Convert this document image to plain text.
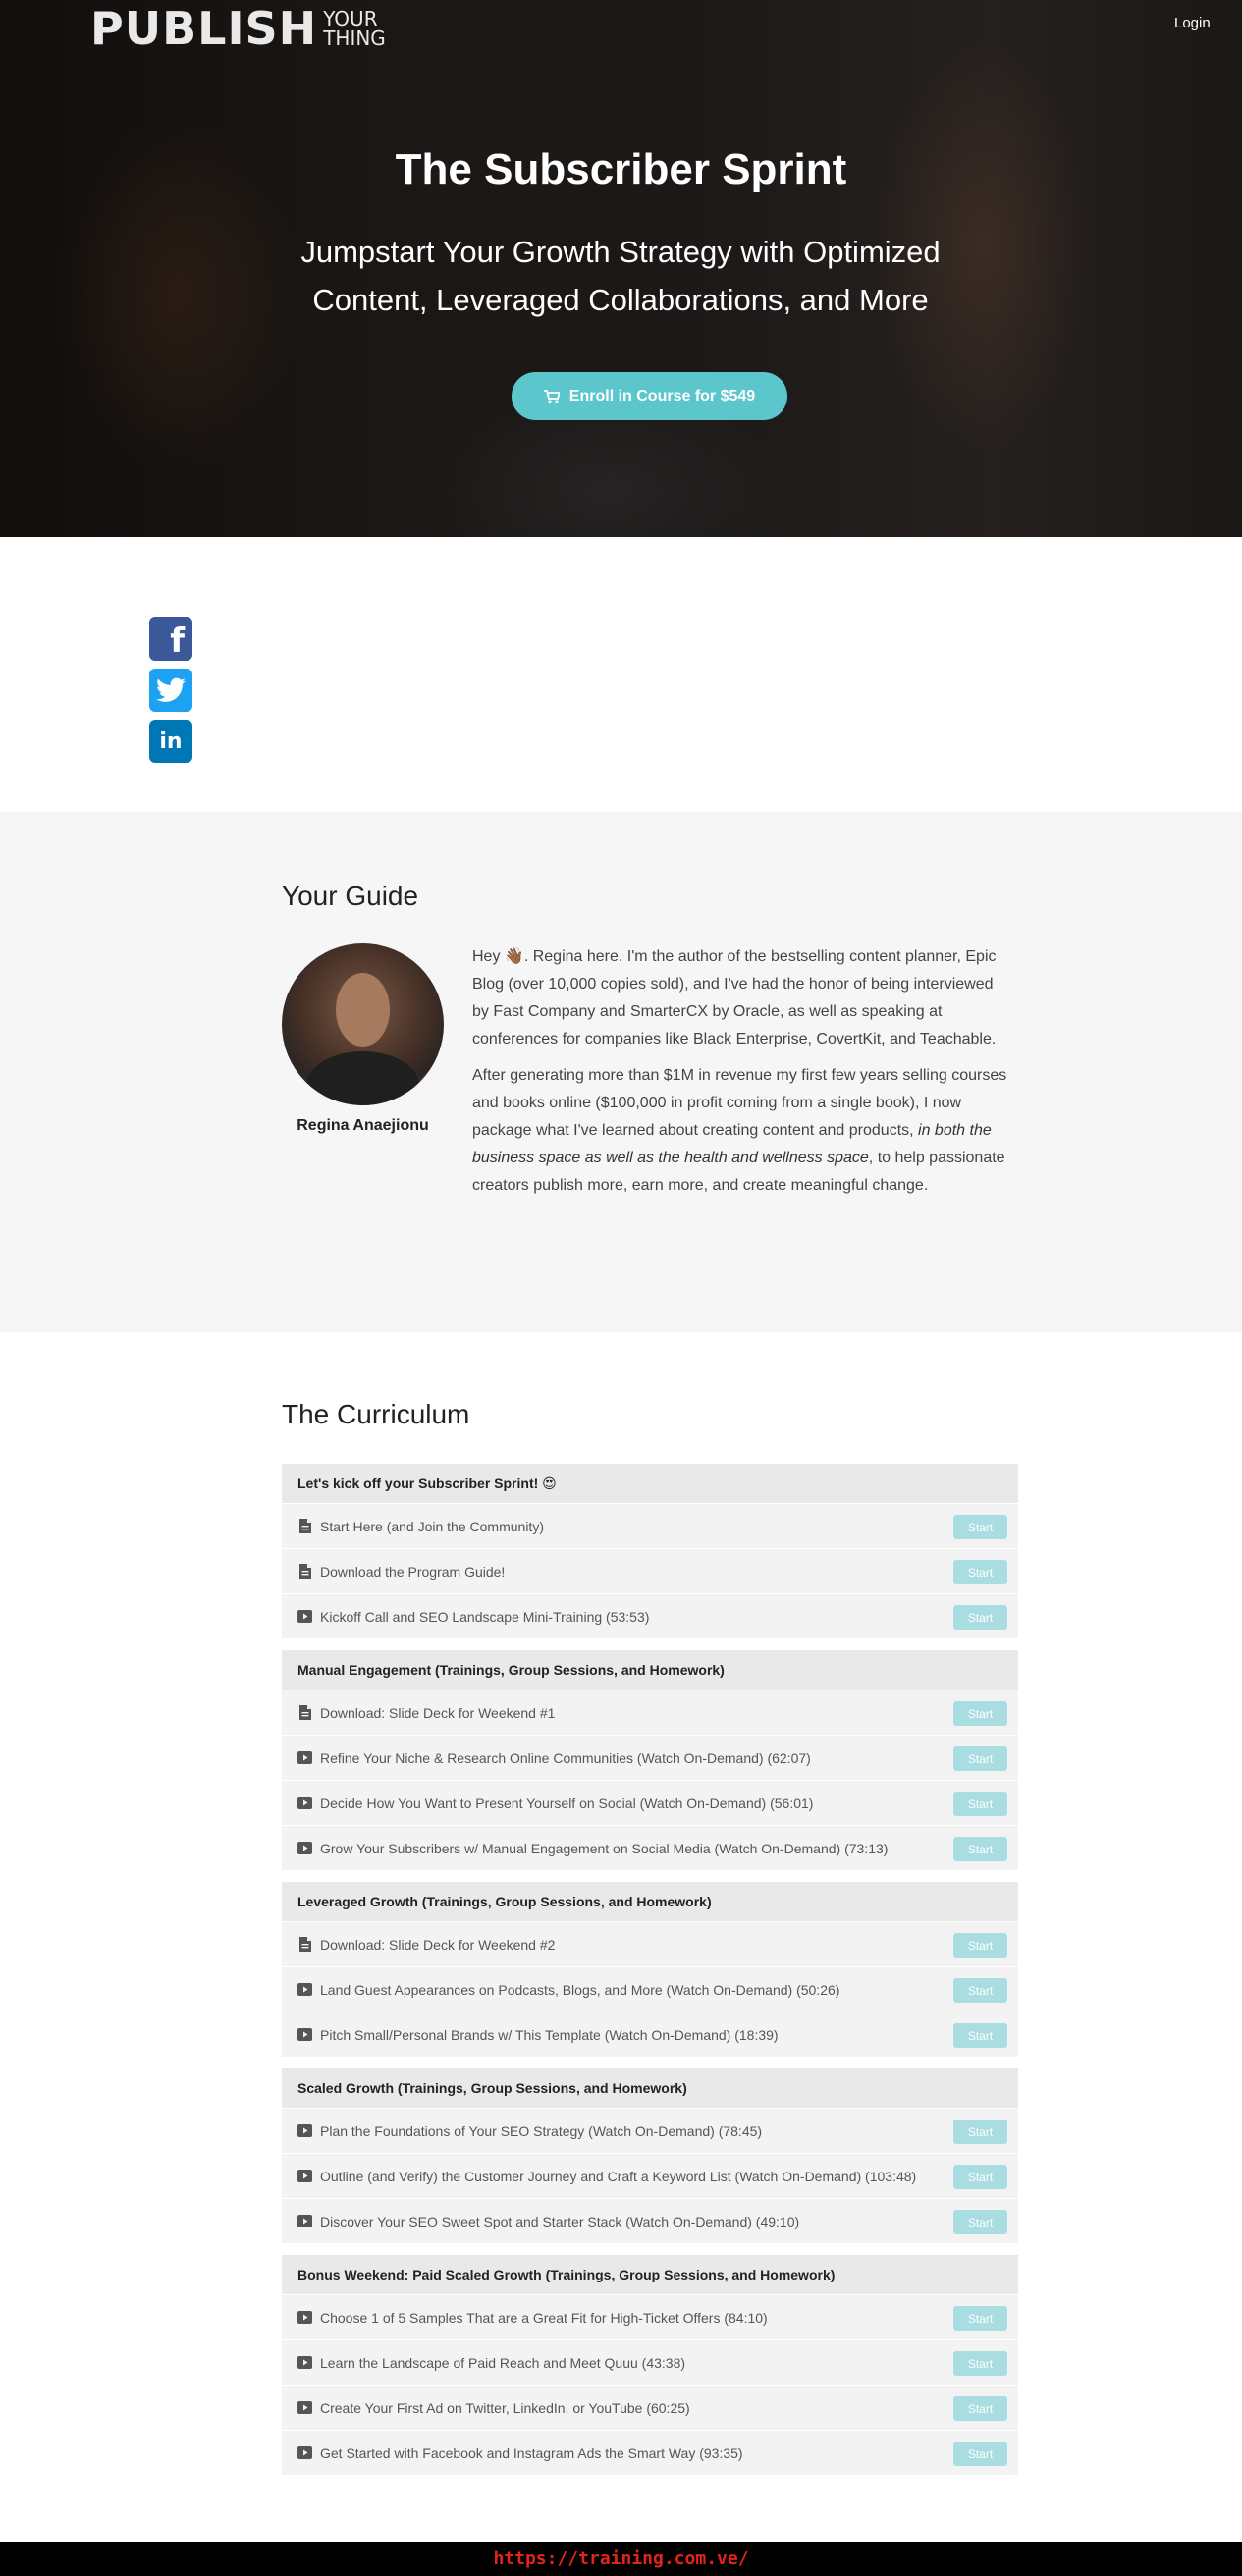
PUBLISH YOUR
THING
Login
The Subscriber Sprint

Jumpstart Your Growth Strategy with Optimized Content, Leveraged Collaborations, and More

Enroll in Course for $549
f
in
Your Guide
Regina Anaejionu

Hey 👋🏾. Regina here. I'm the author of the bestselling content planner, Epic Blog (over 10,000 copies sold), and I've had the honor of being interviewed by Fast Company and SmarterCX by Oracle, as well as speaking at conferences for companies like Black Enterprise, CovertKit, and Teachable.

After generating more than $1M in revenue my first few years selling courses and books online ($100,000 in profit coming from a single book), I now package what I've learned about creating content and products, in both the business space as well as the health and wellness space, to help passionate creators publish more, earn more, and create meaningful change.

The Curriculum
Let's kick off your Subscriber Sprint! 😍
Start Here (and Join the Community)	Start
Download the Program Guide!	Start
Kickoff Call and SEO Landscape Mini-Training (53:53)	Start
Manual Engagement (Trainings, Group Sessions, and Homework)
Download: Slide Deck for Weekend #1	Start
Refine Your Niche & Research Online Communities (Watch On-Demand) (62:07)	Start
Decide How You Want to Present Yourself on Social (Watch On-Demand) (56:01)	Start
Grow Your Subscribers w/ Manual Engagement on Social Media (Watch On-Demand) (73:13)	Start
Leveraged Growth (Trainings, Group Sessions, and Homework)
Download: Slide Deck for Weekend #2	Start
Land Guest Appearances on Podcasts, Blogs, and More (Watch On-Demand) (50:26)	Start
Pitch Small/Personal Brands w/ This Template (Watch On-Demand) (18:39)	Start
Scaled Growth (Trainings, Group Sessions, and Homework)
Plan the Foundations of Your SEO Strategy (Watch On-Demand) (78:45)	Start
Outline (and Verify) the Customer Journey and Craft a Keyword List (Watch On-Demand) (103:48)	Start
Discover Your SEO Sweet Spot and Starter Stack (Watch On-Demand) (49:10)	Start
Bonus Weekend: Paid Scaled Growth (Trainings, Group Sessions, and Homework)
Choose 1 of 5 Samples That are a Great Fit for High-Ticket Offers (84:10)	Start
Learn the Landscape of Paid Reach and Meet Quuu (43:38)	Start
Create Your First Ad on Twitter, LinkedIn, or YouTube (60:25)	Start
Get Started with Facebook and Instagram Ads the Smart Way (93:35)	Start
https://training.com.ve/
